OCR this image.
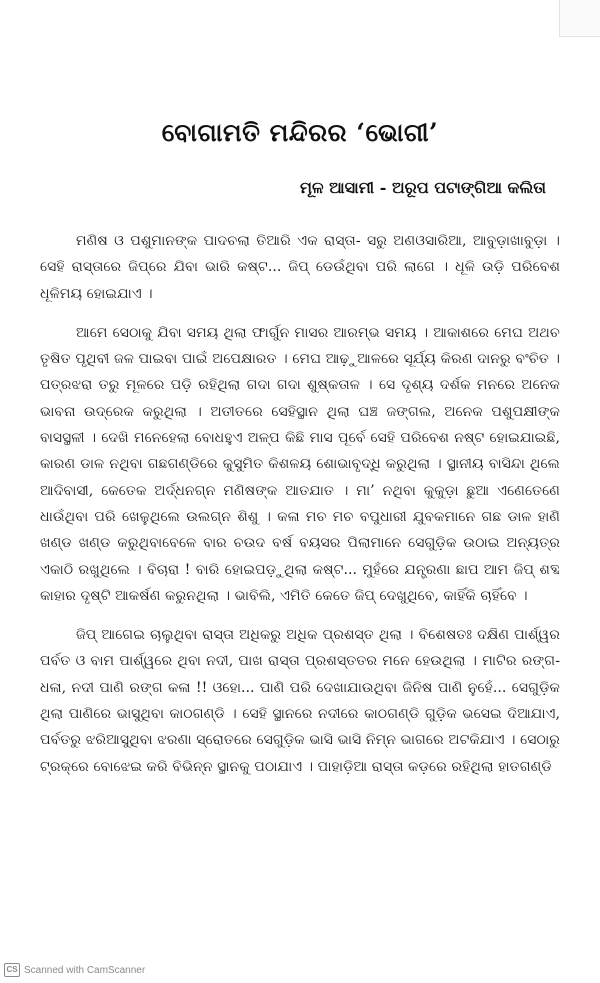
ବୋଗାମତି ମନ୍ଦିରର ‘ଭୋଗୀ’
ମୂଳ ଆସାମୀ - ଅରୂପ ପଟାଙ୍ଗିଆ କଲିତା

ମଣିଷ ଓ ପଶୁମାନଙ୍କ ପାଦଚଲା ତିଆରି ଏକ ରାସ୍ତା- ସରୁ ଅଣଓସାରିଆ, ଆବୁଡ଼ାଖାବୁଡ଼ା । ସେହି ରାସ୍ତାରେ ଜିପ୍‌ରେ ଯିବା ଭାରି କଷ୍ଟ... ଜିପ୍ ଡେଉଁଥିବା ପରି ଲାଗେ । ଧୂଳି ଉଡ଼ି ପରିବେଶ ଧୂଳିମୟ ହୋଇଯାଏ ।

ଆମେ ସେଠାକୁ ଯିବା ସମୟ ଥିଲା ଫାର୍ଗୁନ ମାସର ଆରମ୍ଭ ସମୟ । ଆକାଶରେ ମେଘ ଅଥଚ ତୃଷିତ ପୃଥିବୀ ଜଳ ପାଇବା ପାଇଁ ଅପେକ୍ଷାରତ । ମେଘ ଆଢ଼ୁଆଳରେ ସୂର୍ଯ୍ୟ କିରଣ ଦାନରୁ ବଂଚିତ । ପତ୍ରଝରା ତରୁ ମୂଳରେ ପଡ଼ି ରହିଥିଲା ଗଦା ଗଦା ଶୁଷ୍କତାଳ । ସେ ଦୃଶ୍ୟ ଦର୍ଶକ ମନରେ ଅନେକ ଭାବନା ଉଦ୍ରେକ କରୁଥିଲା । ଅତୀତରେ ସେହିସ୍ଥାନ ଥିଲା ଘଞ୍ଚ ଜଙ୍ଗଲ, ଅନେକ ପଶୁପକ୍ଷୀଙ୍କ ବାସସ୍ଥଳୀ । ଦେଖି ମନେହେଲା ବୋଧହୁଏ ଅଳ୍ପ କିଛି ମାସ ପୂର୍ବେ ସେହି ପରିବେଶ ନଷ୍ଟ ହୋଇଯାଇଛି, କାରଣ ଡାଳ ନଥିବା ଗଛଗଣ୍ଡିରେ କୁସୁମିତ କିଶଳୟ ଶୋଭାବୃଦ୍ଧି କରୁଥିଲା । ସ୍ଥାନୀୟ ବାସିନ୍ଦା ଥିଲେ ଆଦିବାସୀ, କେତେକ ଅର୍ଦ୍ଧନଗ୍ନ ମଣିଷଙ୍କ ଆତଯାତ । ମା’ ନଥିବା କୁକୁଡ଼ା ଛୁଆ ଏଣେତେଣେ ଧାଉଁଥିବା ପରି ଖେଳୁଥିଲେ ଉଲଗ୍ନ ଶିଶୁ । କଳା ମଚ ମଚ ବପୁଧାରୀ ଯୁବକମାନେ ଗଛ ଡାଳ ହାଣି ଖଣ୍ଡ ଖଣ୍ଡ କରୁଥିବାବେଳେ ବାର ଚଉଦ ବର୍ଷ ବୟସର ପିଲାମାନେ ସେଗୁଡ଼ିକ ଉଠାଇ ଅନ୍ୟତ୍ର ଏକାଠି ରଖୁଥିଲେ । ବିଚାରା ! ବାରି ହୋଇପଡ଼ୁଥିଲା କଷ୍ଟ... ମୁହଁରେ ଯନ୍ତ୍ରଣା ଛାପ ଆମ ଜିପ୍ ଶବ୍ଦ କାହାର ଦୃଷ୍ଟି ଆକର୍ଷଣ କରୁନଥିଲା । ଭାବିଲି, ଏମିତି କେତେ ଜିପ୍ ଦେଖୁଥିବେ, କାହିଁକି ଚାହିଁବେ ।

ଜିପ୍ ଆଗେଇ ଚାଲୁଥିବା ରାସ୍ତା ଅଧିକରୁ ଅଧିକ ପ୍ରଶସ୍ତ ଥିଲା । ବିଶେଷତଃ ଦକ୍ଷିଣ ପାର୍ଶ୍ୱର ପର୍ବତ ଓ ବାମ ପାର୍ଶ୍ୱରେ ଥିବା ନଦୀ, ପାଖ ରାସ୍ତା ପ୍ରଶସ୍ତତର ମନେ ହେଉଥିଲା । ମାଟିର ରଙ୍ଗ- ଧଳା, ନଦୀ ପାଣି ରଙ୍ଗ କଳା !! ଓହୋ... ପାଣି ପରି ଦେଖାଯାଉଥିବା ଜିନିଷ ପାଣି ନୁହେଁ... ସେଗୁଡ଼ିକ ଥିଲା ପାଣିରେ ଭାସୁଥିବା କାଠଗଣ୍ଡି । ସେହି ସ୍ଥାନରେ ନଦୀରେ କାଠଗଣ୍ଡି ଗୁଡ଼ିକ ଭସେଇ ଦିଆଯାଏ, ପର୍ବତରୁ ଝରିଆସୁଥିବା ଝରଣା ସ୍ରୋତରେ ସେଗୁଡ଼ିକ ଭାସି ଭାସି ନିମ୍ନ ଭାଗରେ ଅଟକିଯାଏ । ସେଠାରୁ ଟ୍ରକ୍‌ରେ ବୋଝେଇ କରି ବିଭିନ୍ନ ସ୍ଥାନକୁ ପଠାଯାଏ । ପାହାଡ଼ିଆ ରାସ୍ତା କଡ଼ରେ ରହିଥିଲା ହାତଗଣ୍ଡି

CS Scanned with CamScanner
